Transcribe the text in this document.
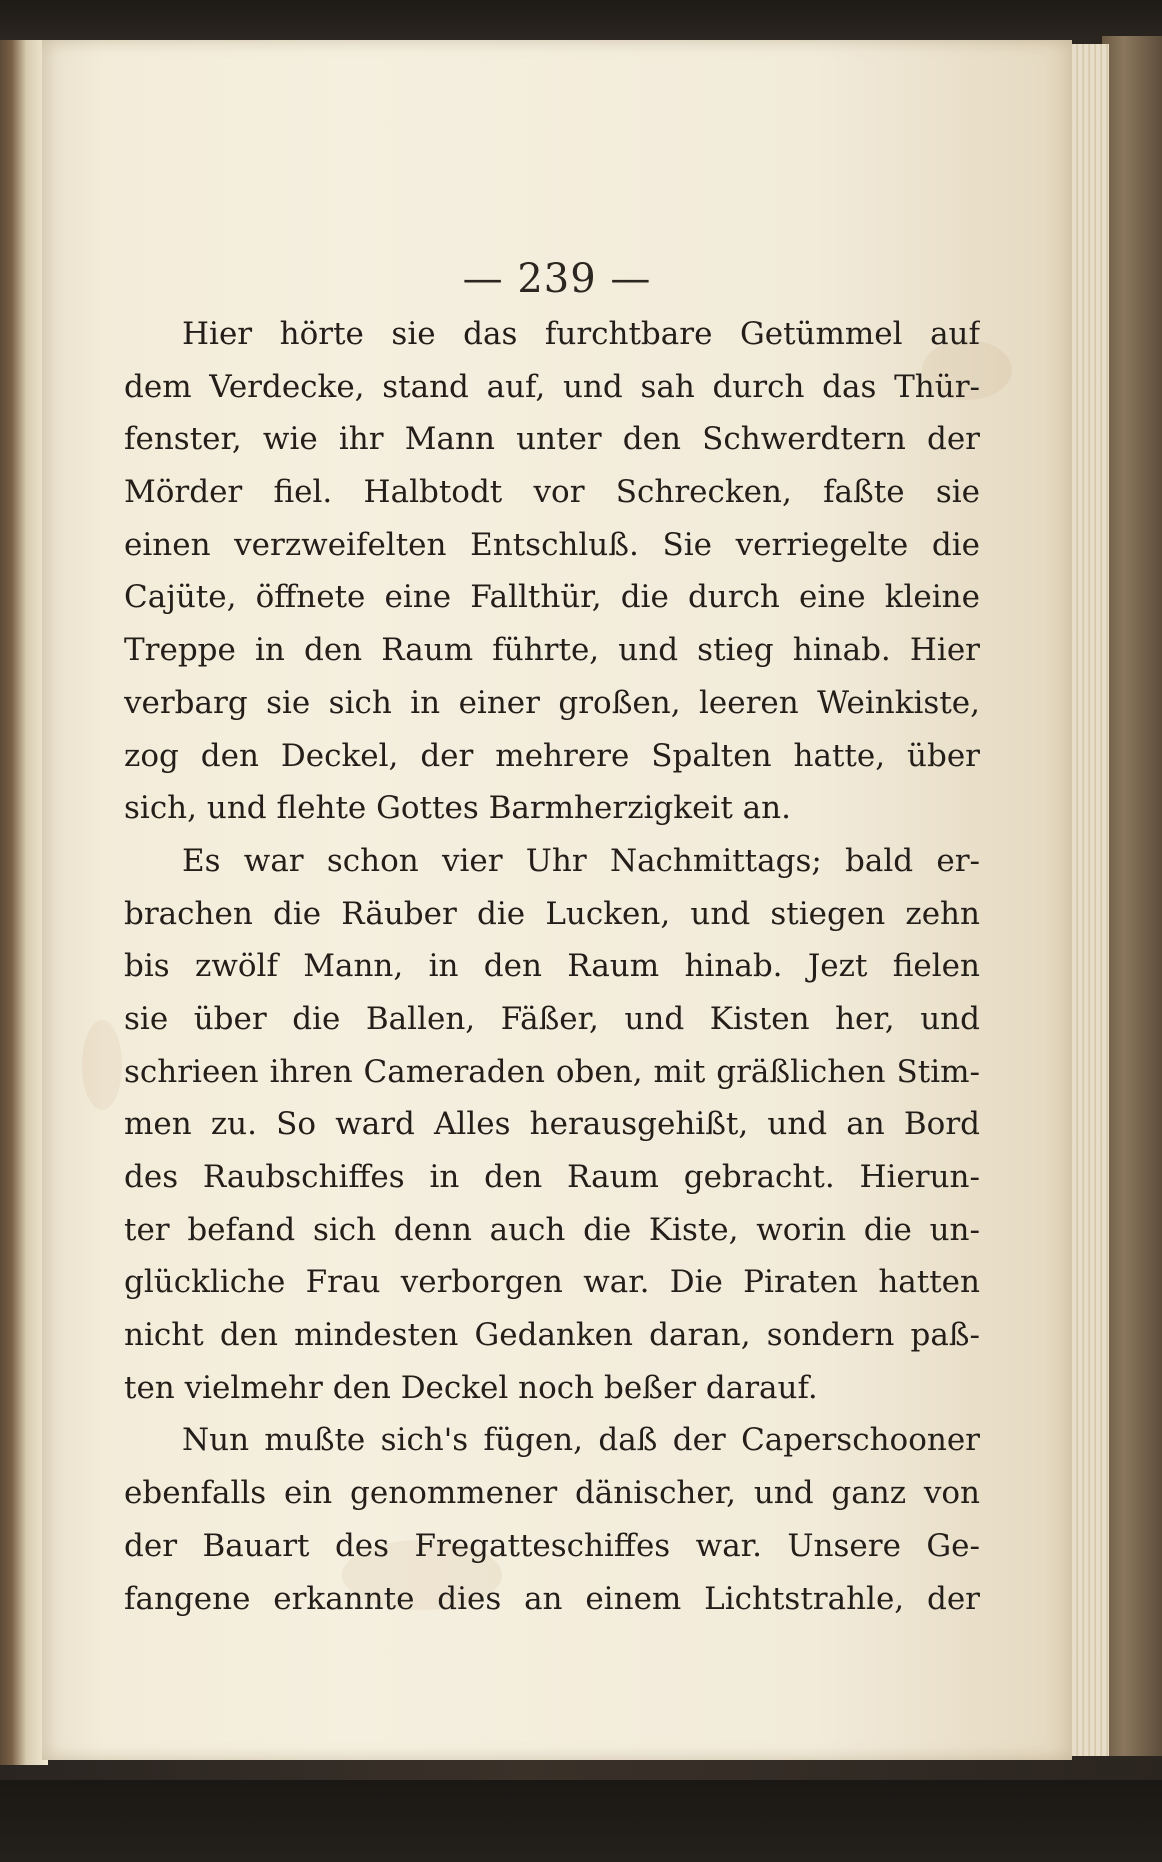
— 239 —
Hier hörte sie das furchtbare Getümmel auf
dem Verdecke, stand auf, und sah durch das Thür-
fenster, wie ihr Mann unter den Schwerdtern der
Mörder fiel. Halbtodt vor Schrecken, faßte sie
einen verzweifelten Entschluß. Sie verriegelte die
Cajüte, öffnete eine Fallthür, die durch eine kleine
Treppe in den Raum führte, und stieg hinab. Hier
verbarg sie sich in einer großen, leeren Weinkiste,
zog den Deckel, der mehrere Spalten hatte, über
sich, und flehte Gottes Barmherzigkeit an.
Es war schon vier Uhr Nachmittags; bald er-
brachen die Räuber die Lucken, und stiegen zehn
bis zwölf Mann, in den Raum hinab. Jezt fielen
sie über die Ballen, Fäßer, und Kisten her, und
schrieen ihren Cameraden oben, mit gräßlichen Stim-
men zu. So ward Alles herausgehißt, und an Bord
des Raubschiffes in den Raum gebracht. Hierun-
ter befand sich denn auch die Kiste, worin die un-
glückliche Frau verborgen war. Die Piraten hatten
nicht den mindesten Gedanken daran, sondern paß-
ten vielmehr den Deckel noch beßer darauf.
Nun mußte sich's fügen, daß der Caperschooner
ebenfalls ein genommener dänischer, und ganz von
der Bauart des Fregatteschiffes war. Unsere Ge-
fangene erkannte dies an einem Lichtstrahle, der
